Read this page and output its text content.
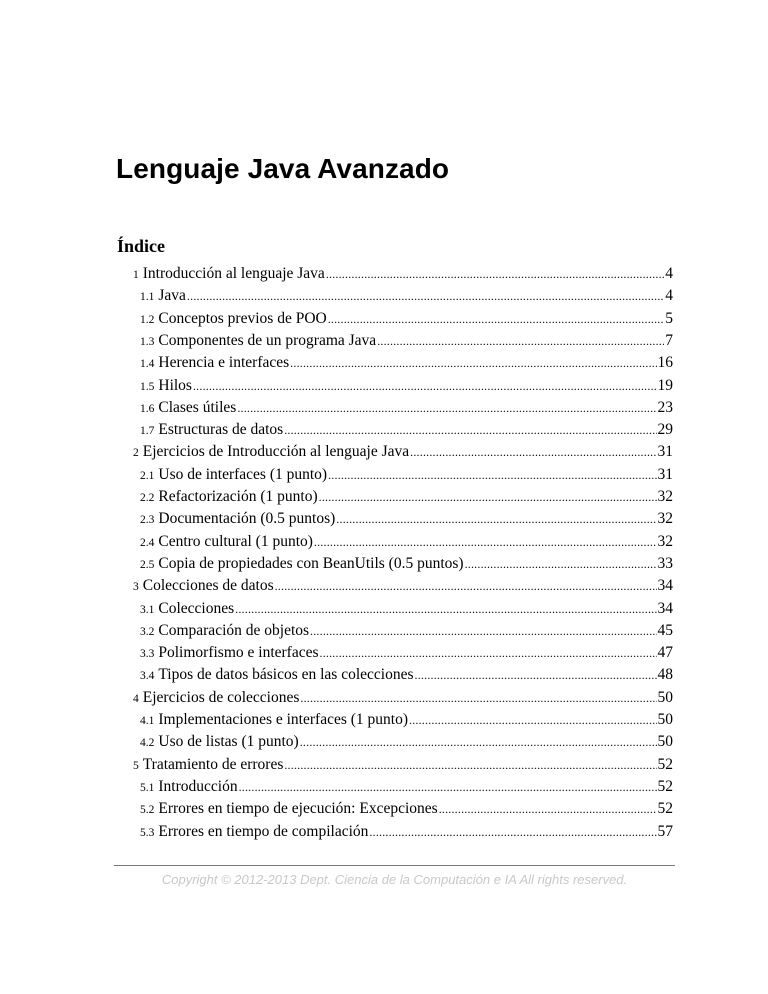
Lenguaje Java Avanzado
Índice
1 Introducción al lenguaje Java .....	4
1.1 Java .....	4
1.2 Conceptos previos de POO .....	5
1.3 Componentes de un programa Java .....	7
1.4 Herencia e interfaces .....	16
1.5 Hilos .....	19
1.6 Clases útiles .....	23
1.7 Estructuras de datos .....	29
2 Ejercicios de Introducción al lenguaje Java .....	31
2.1 Uso de interfaces (1 punto) .....	31
2.2 Refactorización (1 punto) .....	32
2.3 Documentación (0.5 puntos) .....	32
2.4 Centro cultural (1 punto) .....	32
2.5 Copia de propiedades con BeanUtils (0.5 puntos) .....	33
3 Colecciones de datos .....	34
3.1 Colecciones .....	34
3.2 Comparación de objetos .....	45
3.3 Polimorfismo e interfaces .....	47
3.4 Tipos de datos básicos en las colecciones .....	48
4 Ejercicios de colecciones .....	50
4.1 Implementaciones e interfaces (1 punto) .....	50
4.2 Uso de listas (1 punto) .....	50
5 Tratamiento de errores .....	52
5.1 Introducción .....	52
5.2 Errores en tiempo de ejecución: Excepciones .....	52
5.3 Errores en tiempo de compilación .....	57
Copyright © 2012-2013 Dept. Ciencia de la Computación e IA All rights reserved.
